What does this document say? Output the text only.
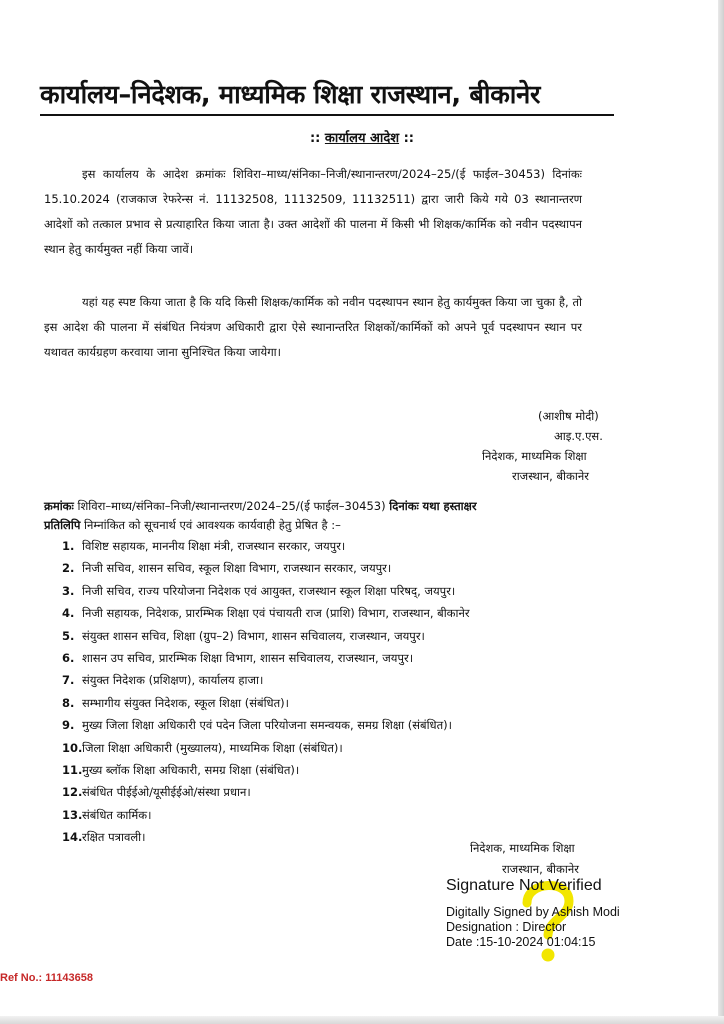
कार्यालय–निदेशक, माध्यमिक शिक्षा राजस्थान, बीकानेर
:: कार्यालय आदेश ::
इस कार्यालय के आदेश क्रमांकः शिविरा–माध्य/संनिका–निजी/स्थानान्तरण/2024–25/(ई फाईल–30453) दिनांकः 15.10.2024 (राजकाज रेफरेन्स नं. 11132508, 11132509, 11132511) द्वारा जारी किये गये 03 स्थानान्तरण आदेशों को तत्काल प्रभाव से प्रत्याहारित किया जाता है। उक्त आदेशों की पालना में किसी भी शिक्षक/कार्मिक को नवीन पदस्थापन स्थान हेतु कार्यमुक्त नहीं किया जावें।
यहां यह स्पष्ट किया जाता है कि यदि किसी शिक्षक/कार्मिक को नवीन पदस्थापन स्थान हेतु कार्यमुक्त किया जा चुका है, तो इस आदेश की पालना में संबंधित नियंत्रण अधिकारी द्वारा ऐसे स्थानान्तरित शिक्षकों/कार्मिकों को अपने पूर्व पदस्थापन स्थान पर यथावत कार्यग्रहण करवाया जाना सुनिश्चित किया जायेगा।
(आशीष मोदी)
आइ.ए.एस.
निदेशक, माध्यमिक शिक्षा
राजस्थान, बीकानेर
क्रमांकः शिविरा–माध्य/संनिका–निजी/स्थानान्तरण/2024–25/(ई फाईल–30453) दिनांकः यथा हस्ताक्षर
प्रतिलिपि निम्नांकित को सूचनार्थ एवं आवश्यक कार्यवाही हेतु प्रेषित है :–
1. विशिष्ट सहायक, माननीय शिक्षा मंत्री, राजस्थान सरकार, जयपुर।
2. निजी सचिव, शासन सचिव, स्कूल शिक्षा विभाग, राजस्थान सरकार, जयपुर।
3. निजी सचिव, राज्य परियोजना निदेशक एवं आयुक्त, राजस्थान स्कूल शिक्षा परिषद्, जयपुर।
4. निजी सहायक, निदेशक, प्रारम्भिक शिक्षा एवं पंचायती राज (प्राशि) विभाग, राजस्थान, बीकानेर
5. संयुक्त शासन सचिव, शिक्षा (ग्रुप–2) विभाग, शासन सचिवालय, राजस्थान, जयपुर।
6. शासन उप सचिव, प्रारम्भिक शिक्षा विभाग, शासन सचिवालय, राजस्थान, जयपुर।
7. संयुक्त निदेशक (प्रशिक्षण), कार्यालय हाजा।
8. सम्भागीय संयुक्त निदेशक, स्कूल शिक्षा (संबंधित)।
9. मुख्य जिला शिक्षा अधिकारी एवं पदेन जिला परियोजना समन्वयक, समग्र शिक्षा (संबंधित)।
10.जिला शिक्षा अधिकारी (मुख्यालय), माध्यमिक शिक्षा (संबंधित)।
11.मुख्य ब्लॉक शिक्षा अधिकारी, समग्र शिक्षा (संबंधित)।
12.संबंधित पीईईओ/यूसीईईओ/संस्था प्रधान।
13.संबंधित कार्मिक।
14.रक्षित पत्रावली।
निदेशक, माध्यमिक शिक्षा
राजस्थान, बीकानेर
Signature Not Verified
Digitally Signed by Ashish Modi
Designation : Director
Date :15-10-2024 01:04:15
Ref No.: 11143658
